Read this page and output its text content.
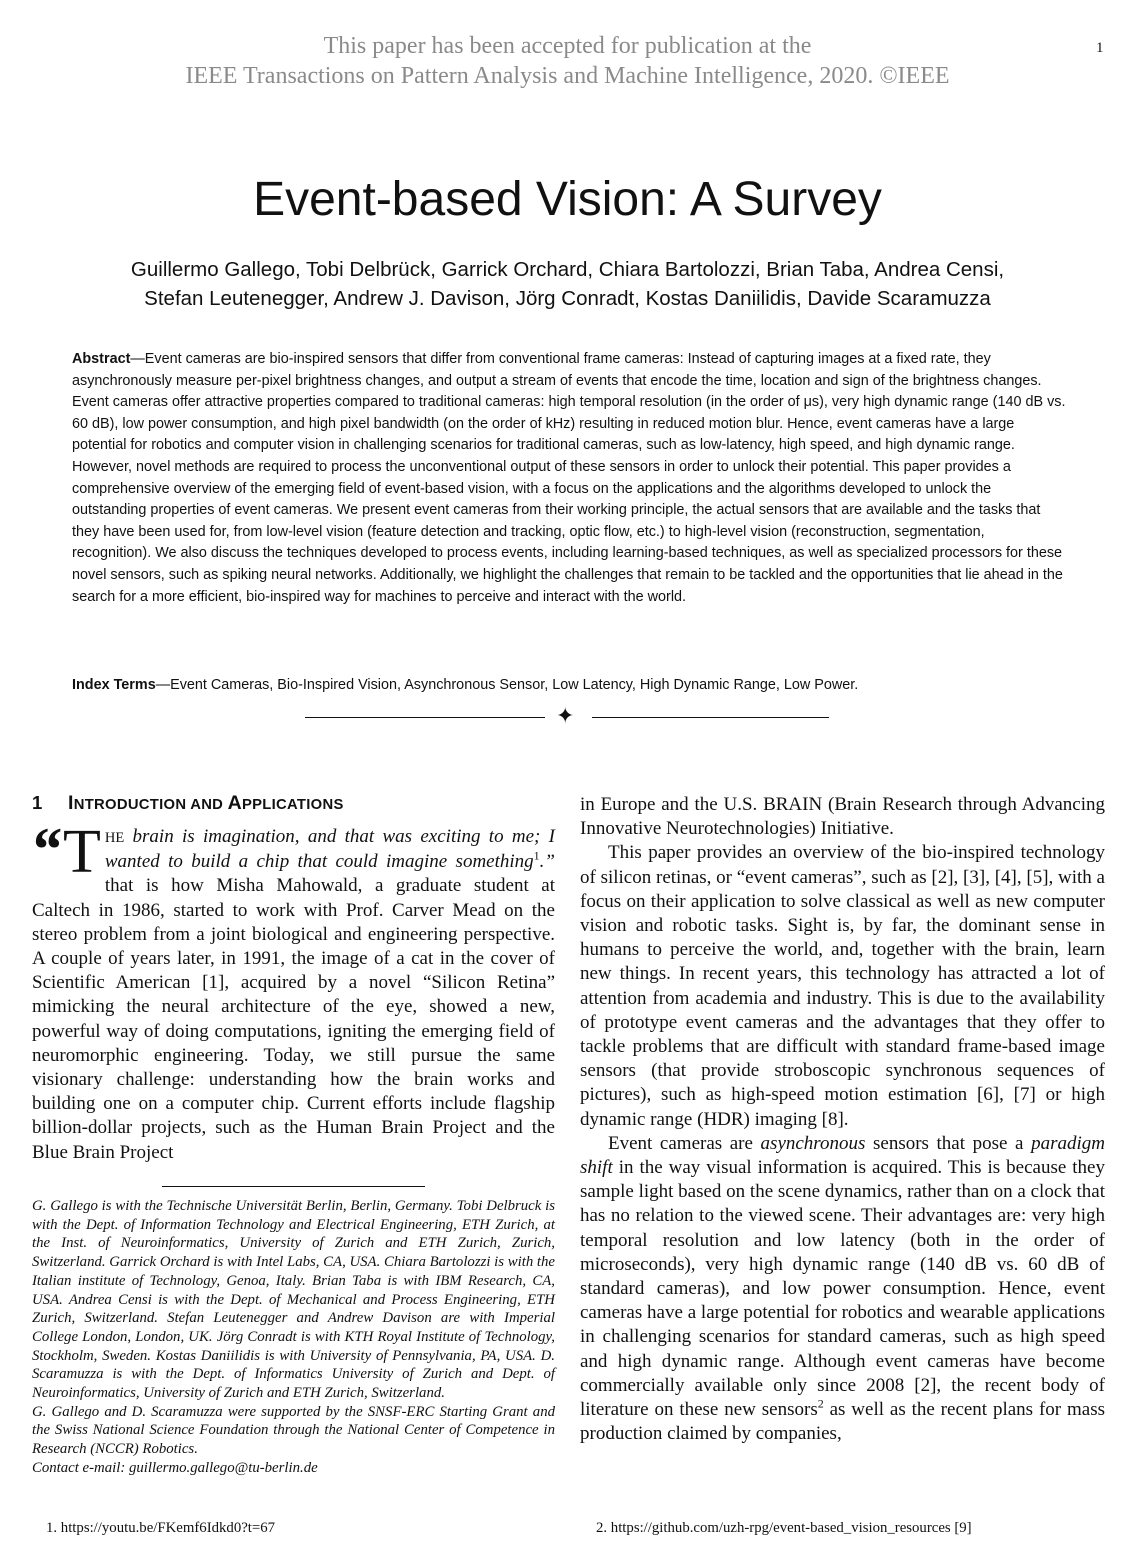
This paper has been accepted for publication at the
IEEE Transactions on Pattern Analysis and Machine Intelligence, 2020. ©IEEE
1
Event-based Vision: A Survey
Guillermo Gallego, Tobi Delbrück, Garrick Orchard, Chiara Bartolozzi, Brian Taba, Andrea Censi,
Stefan Leutenegger, Andrew J. Davison, Jörg Conradt, Kostas Daniilidis, Davide Scaramuzza
Abstract—Event cameras are bio-inspired sensors that differ from conventional frame cameras: Instead of capturing images at a fixed rate, they asynchronously measure per-pixel brightness changes, and output a stream of events that encode the time, location and sign of the brightness changes. Event cameras offer attractive properties compared to traditional cameras: high temporal resolution (in the order of μs), very high dynamic range (140 dB vs. 60 dB), low power consumption, and high pixel bandwidth (on the order of kHz) resulting in reduced motion blur. Hence, event cameras have a large potential for robotics and computer vision in challenging scenarios for traditional cameras, such as low-latency, high speed, and high dynamic range. However, novel methods are required to process the unconventional output of these sensors in order to unlock their potential. This paper provides a comprehensive overview of the emerging field of event-based vision, with a focus on the applications and the algorithms developed to unlock the outstanding properties of event cameras. We present event cameras from their working principle, the actual sensors that are available and the tasks that they have been used for, from low-level vision (feature detection and tracking, optic flow, etc.) to high-level vision (reconstruction, segmentation, recognition). We also discuss the techniques developed to process events, including learning-based techniques, as well as specialized processors for these novel sensors, such as spiking neural networks. Additionally, we highlight the challenges that remain to be tackled and the opportunities that lie ahead in the search for a more efficient, bio-inspired way for machines to perceive and interact with the world.
Index Terms—Event Cameras, Bio-Inspired Vision, Asynchronous Sensor, Low Latency, High Dynamic Range, Low Power.
✦
1 INTRODUCTION AND APPLICATIONS

“ T HE brain is imagination, and that was exciting to me; I wanted to build a chip that could imagine something$^1$.” that is how Misha Mahowald, a graduate student at Caltech in 1986, started to work with Prof. Carver Mead on the stereo problem from a joint biological and engineering perspective. A couple of years later, in 1991, the image of a cat in the cover of Scientific American [1], acquired by a novel “Silicon Retina” mimicking the neural architecture of the eye, showed a new, powerful way of doing computations, igniting the emerging field of neuromorphic engineering. Today, we still pursue the same visionary challenge: understanding how the brain works and building one on a computer chip. Current efforts include flagship billion-dollar projects, such as the Human Brain Project and the Blue Brain Project

G. Gallego is with the Technische Universität Berlin, Berlin, Germany. Tobi Delbruck is with the Dept. of Information Technology and Electrical Engineering, ETH Zurich, at the Inst. of Neuroinformatics, University of Zurich and ETH Zurich, Zurich, Switzerland. Garrick Orchard is with Intel Labs, CA, USA. Chiara Bartolozzi is with the Italian institute of Technology, Genoa, Italy. Brian Taba is with IBM Research, CA, USA. Andrea Censi is with the Dept. of Mechanical and Process Engineering, ETH Zurich, Switzerland. Stefan Leutenegger and Andrew Davison are with Imperial College London, London, UK. Jörg Conradt is with KTH Royal Institute of Technology, Stockholm, Sweden. Kostas Daniilidis is with University of Pennsylvania, PA, USA. D. Scaramuzza is with the Dept. of Informatics University of Zurich and Dept. of Neuroinformatics, University of Zurich and ETH Zurich, Switzerland.

G. Gallego and D. Scaramuzza were supported by the SNSF-ERC Starting Grant and the Swiss National Science Foundation through the National Center of Competence in Research (NCCR) Robotics.

Contact e-mail: guillermo.gallego@tu-berlin.de

in Europe and the U.S. BRAIN (Brain Research through Advancing Innovative Neurotechnologies) Initiative.

This paper provides an overview of the bio-inspired technology of silicon retinas, or “event cameras”, such as [2], [3], [4], [5], with a focus on their application to solve classical as well as new computer vision and robotic tasks. Sight is, by far, the dominant sense in humans to perceive the world, and, together with the brain, learn new things. In recent years, this technology has attracted a lot of attention from academia and industry. This is due to the availability of prototype event cameras and the advantages that they offer to tackle problems that are difficult with standard frame-based image sensors (that provide stroboscopic synchronous sequences of pictures), such as high-speed motion estimation [6], [7] or high dynamic range (HDR) imaging [8].

Event cameras are asynchronous sensors that pose a paradigm shift in the way visual information is acquired. This is because they sample light based on the scene dynamics, rather than on a clock that has no relation to the viewed scene. Their advantages are: very high temporal resolution and low latency (both in the order of microseconds), very high dynamic range (140 dB vs. 60 dB of standard cameras), and low power consumption. Hence, event cameras have a large potential for robotics and wearable applications in challenging scenarios for standard cameras, such as high speed and high dynamic range. Although event cameras have become commercially available only since 2008 [2], the recent body of literature on these new sensors$^2$ as well as the recent plans for mass production claimed by companies,

1. https://youtu.be/FKemf6Idkd0?t=67	2. https://github.com/uzh-rpg/event-based_vision_resources [9]
